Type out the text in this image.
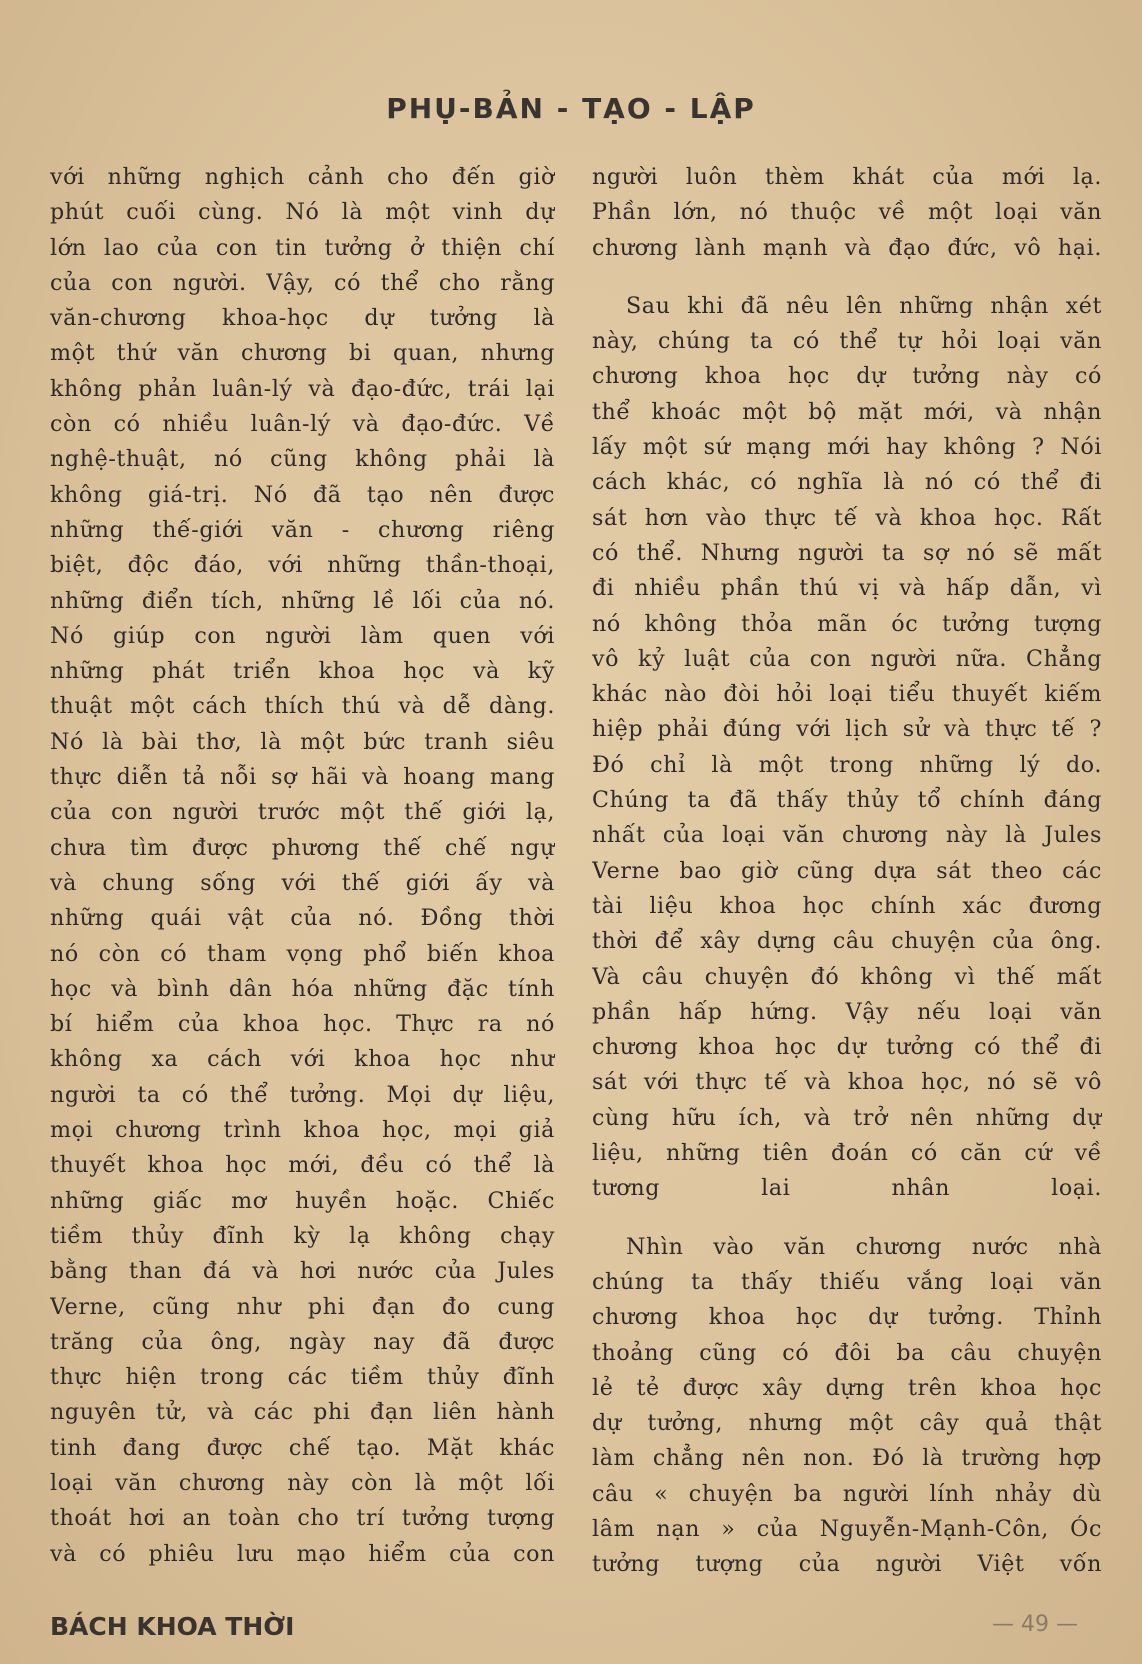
PHỤ-BẢN - TẠO - LẬP
với những nghịch cảnh cho đến giờ
phút cuối cùng. Nó là một vinh dự
lớn lao của con tin tưởng ở thiện chí
của con người. Vậy, có thể cho rằng
văn-chương khoa-học dự tưởng là
một thứ văn chương bi quan, nhưng
không phản luân-lý và đạo-đức, trái lại
còn có nhiều luân-lý và đạo-đức. Về
nghệ-thuật, nó cũng không phải là
không giá-trị. Nó đã tạo nên được
những thế-giới văn - chương riêng
biệt, độc đáo, với những thần-thoại,
những điển tích, những lề lối của nó.
Nó giúp con người làm quen với
những phát triển khoa học và kỹ
thuật một cách thích thú và dễ dàng.
Nó là bài thơ, là một bức tranh siêu
thực diễn tả nỗi sợ hãi và hoang mang
của con người trước một thế giới lạ,
chưa tìm được phương thế chế ngự
và chung sống với thế giới ấy và
những quái vật của nó. Đồng thời
nó còn có tham vọng phổ biến khoa
học và bình dân hóa những đặc tính
bí hiểm của khoa học. Thực ra nó
không xa cách với khoa học như
người ta có thể tưởng. Mọi dự liệu,
mọi chương trình khoa học, mọi giả
thuyết khoa học mới, đều có thể là
những giấc mơ huyền hoặc. Chiếc
tiềm thủy đĩnh kỳ lạ không chạy
bằng than đá và hơi nước của Jules
Verne, cũng như phi đạn đo cung
trăng của ông, ngày nay đã được
thực hiện trong các tiềm thủy đĩnh
nguyên tử, và các phi đạn liên hành
tinh đang được chế tạo. Mặt khác
loại văn chương này còn là một lối
thoát hơi an toàn cho trí tưởng tượng
và có phiêu lưu mạo hiểm của con
người luôn thèm khát của mới lạ.
Phần lớn, nó thuộc về một loại văn
chương lành mạnh và đạo đức, vô hại.
Sau khi đã nêu lên những nhận xét
này, chúng ta có thể tự hỏi loại văn
chương khoa học dự tưởng này có
thể khoác một bộ mặt mới, và nhận
lấy một sứ mạng mới hay không ? Nói
cách khác, có nghĩa là nó có thể đi
sát hơn vào thực tế và khoa học. Rất
có thể. Nhưng người ta sợ nó sẽ mất
đi nhiều phần thú vị và hấp dẫn, vì
nó không thỏa mãn óc tưởng tượng
vô kỷ luật của con người nữa. Chẳng
khác nào đòi hỏi loại tiểu thuyết kiếm
hiệp phải đúng với lịch sử và thực tế ?
Đó chỉ là một trong những lý do.
Chúng ta đã thấy thủy tổ chính đáng
nhất của loại văn chương này là Jules
Verne bao giờ cũng dựa sát theo các
tài liệu khoa học chính xác đương
thời để xây dựng câu chuyện của ông.
Và câu chuyện đó không vì thế mất
phần hấp hứng. Vậy nếu loại văn
chương khoa học dự tưởng có thể đi
sát với thực tế và khoa học, nó sẽ vô
cùng hữu ích, và trở nên những dự
liệu, những tiên đoán có căn cứ về
tương lai nhân loại.
Nhìn vào văn chương nước nhà
chúng ta thấy thiếu vắng loại văn
chương khoa học dự tưởng. Thỉnh
thoảng cũng có đôi ba câu chuyện
lẻ tẻ được xây dựng trên khoa học
dự tưởng, nhưng một cây quả thật
làm chẳng nên non. Đó là trường hợp
câu « chuyện ba người lính nhảy dù
lâm nạn » của Nguyễn-Mạnh-Côn, Óc
tưởng tượng của người Việt vốn
BÁCH KHOA THỜI	— 49 —
